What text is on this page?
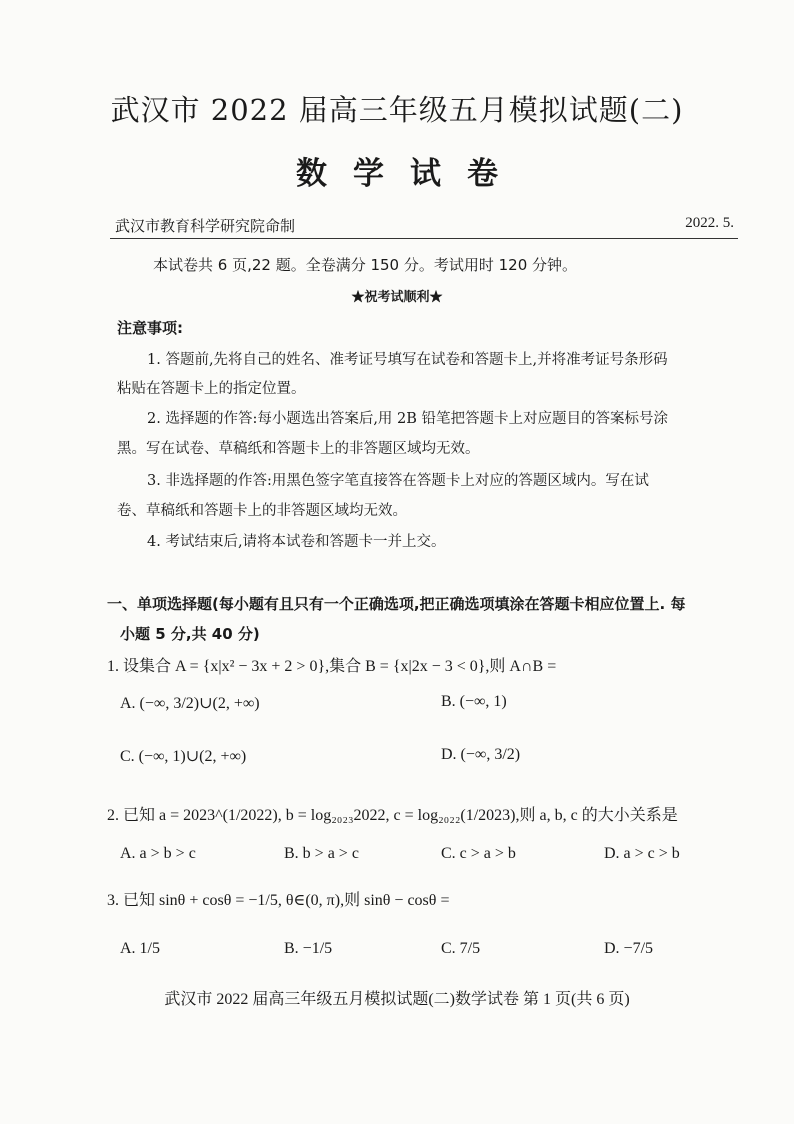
武汉市 2022 届高三年级五月模拟试题(二)
数学试卷
武汉市教育科学研究院命制	2022. 5.
本试卷共 6 页,22 题。全卷满分 150 分。考试用时 120 分钟。
★祝考试顺利★
注意事项:
1. 答题前,先将自己的姓名、准考证号填写在试卷和答题卡上,并将准考证号条形码
粘贴在答题卡上的指定位置。
2. 选择题的作答:每小题选出答案后,用 2B 铅笔把答题卡上对应题目的答案标号涂
黑。写在试卷、草稿纸和答题卡上的非答题区域均无效。
3. 非选择题的作答:用黑色签字笔直接答在答题卡上对应的答题区域内。写在试
卷、草稿纸和答题卡上的非答题区域均无效。
4. 考试结束后,请将本试卷和答题卡一并上交。
一、单项选择题(每小题有且只有一个正确选项,把正确选项填涂在答题卡相应位置上. 每
小题 5 分,共 40 分)
1. 设集合 A = {x|x² − 3x + 2 > 0},集合 B = {x|2x − 3 < 0},则 A∩B =
A. (−∞, 3/2)∪(2, +∞)	B. (−∞, 1)
C. (−∞, 1)∪(2, +∞)	D. (−∞, 3/2)
2. 已知 a = 2023^(1/2022), b = log₂₀₂₃2022, c = log₂₀₂₂(1/2023),则 a, b, c 的大小关系是
A. a > b > c	B. b > a > c	C. c > a > b	D. a > c > b
3. 已知 sinθ + cosθ = −1/5, θ∈(0, π),则 sinθ − cosθ =
A. 1/5	B. −1/5	C. 7/5	D. −7/5
武汉市 2022 届高三年级五月模拟试题(二)数学试卷 第 1 页(共 6 页)
